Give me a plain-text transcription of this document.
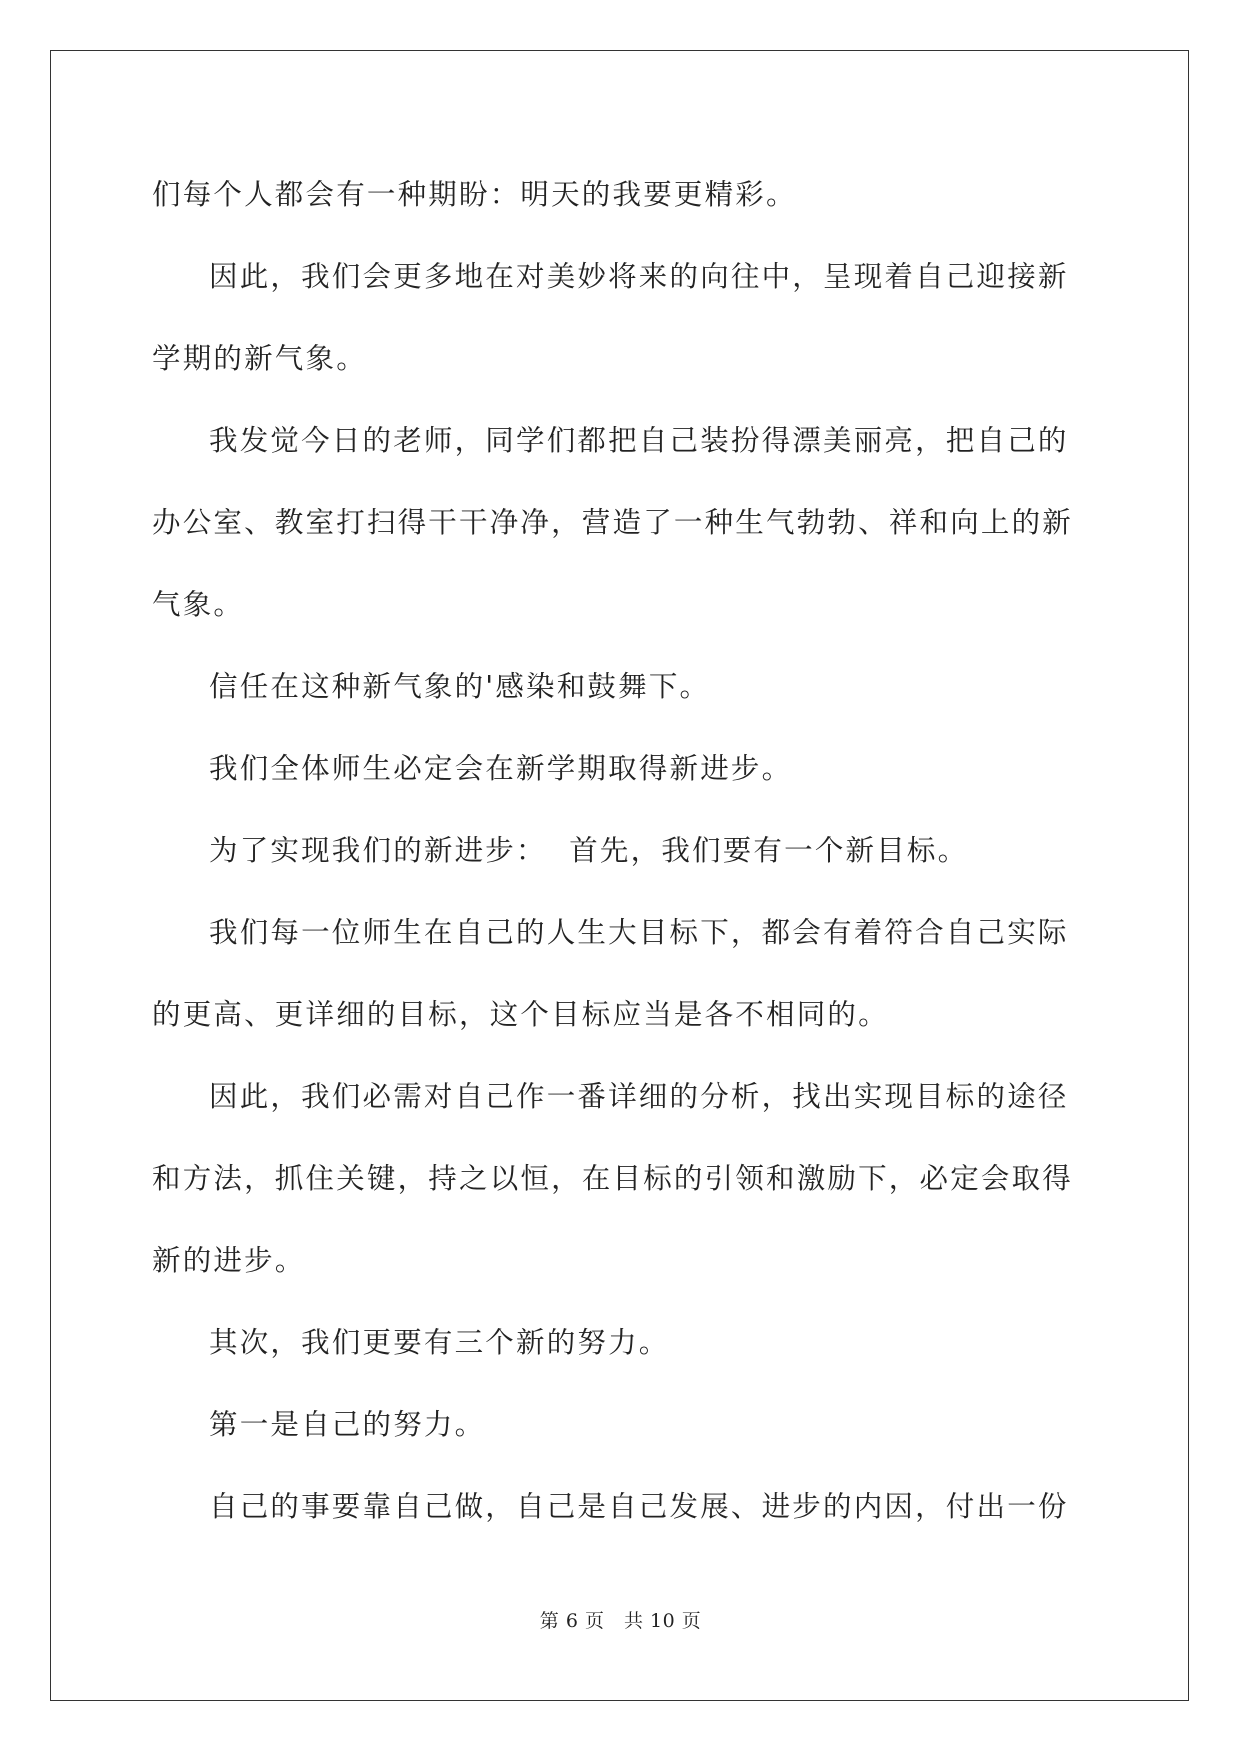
们每个人都会有一种期盼：明天的我要更精彩。

因此，我们会更多地在对美妙将来的向往中，呈现着自己迎接新学期的新气象。

我发觉今日的老师，同学们都把自己装扮得漂美丽亮，把自己的办公室、教室打扫得干干净净，营造了一种生气勃勃、祥和向上的新气象。

信任在这种新气象的'感染和鼓舞下。

我们全体师生必定会在新学期取得新进步。

为了实现我们的新进步：  首先，我们要有一个新目标。

我们每一位师生在自己的人生大目标下，都会有着符合自己实际的更高、更详细的目标，这个目标应当是各不相同的。

因此，我们必需对自己作一番详细的分析，找出实现目标的途径和方法，抓住关键，持之以恒，在目标的引领和激励下，必定会取得新的进步。

其次，我们更要有三个新的努力。

第一是自己的努力。

自己的事要靠自己做，自己是自己发展、进步的内因，付出一份

第 6 页　共 10 页
